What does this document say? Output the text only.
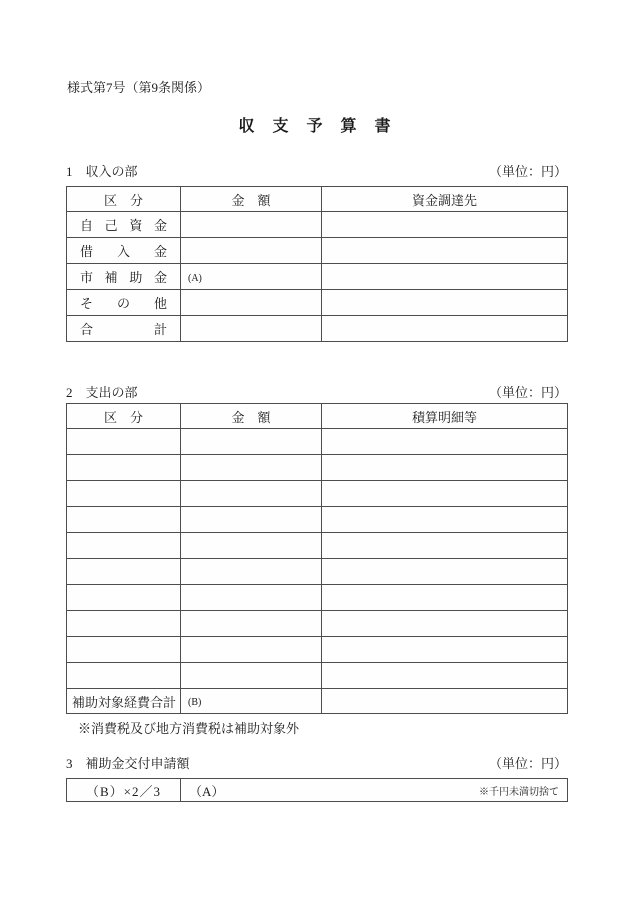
様式第7号（第9条関係）
収　支　予　算　書
1　収入の部	（単位：円）
区　分	金　額	資金調達先
自己資金		
借入金		
市補助金	(A)	
その他		
合計		
2　支出の部	（単位：円）
区　分	金　額	積算明細等

補助対象経費合計	(B)	
※消費税及び地方消費税は補助対象外
3　補助金交付申請額	（単位：円）
（B）×2／3	（A）	※千円未満切捨て
